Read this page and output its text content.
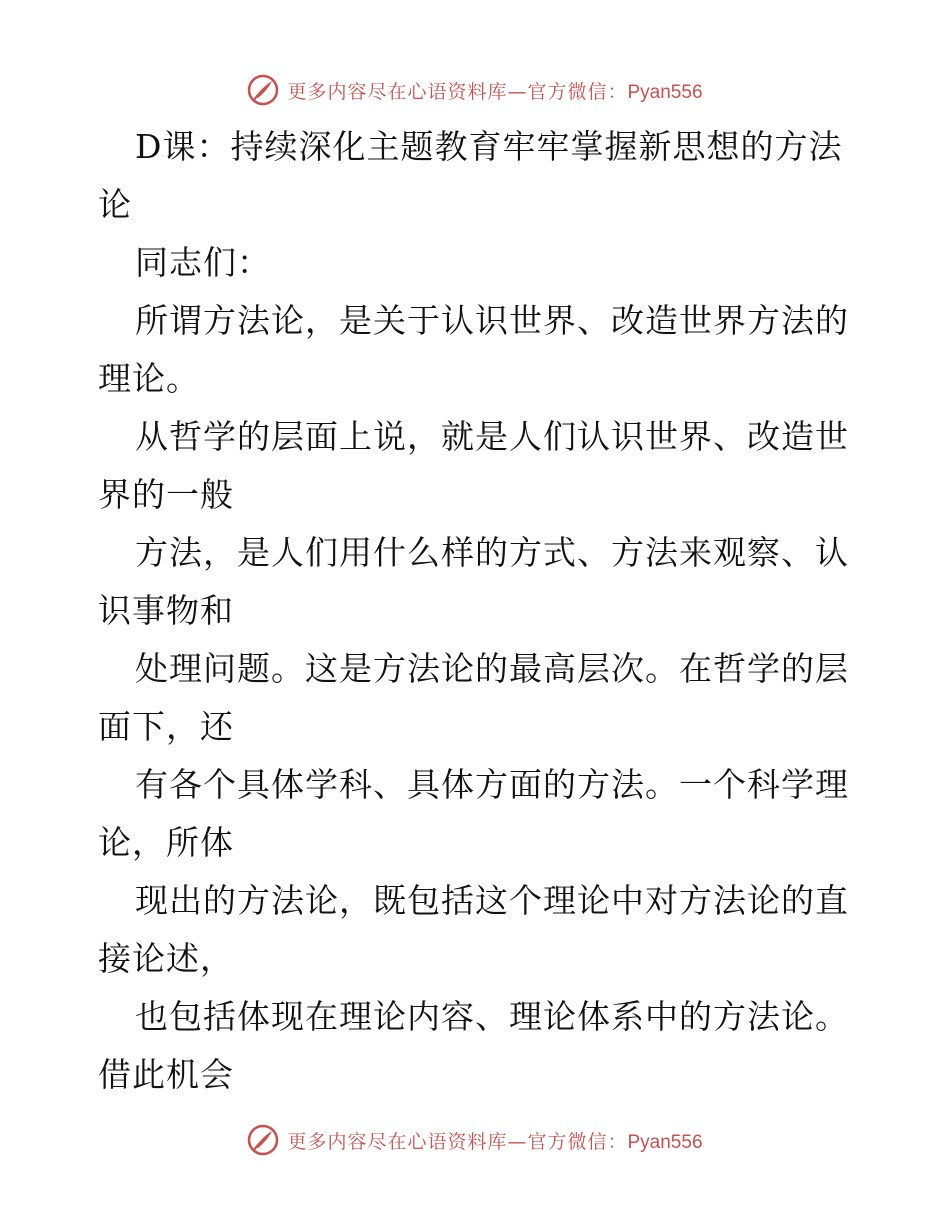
更多内容尽在心语资料库—官方微信：Pyan556
D课：持续深化主题教育牢牢掌握新思想的方法
论
同志们：
所谓方法论，是关于认识世界、改造世界方法的
理论。
从哲学的层面上说，就是人们认识世界、改造世
界的一般
方法，是人们用什么样的方式、方法来观察、认
识事物和
处理问题。这是方法论的最高层次。在哲学的层
面下，还
有各个具体学科、具体方面的方法。一个科学理
论，所体
现出的方法论，既包括这个理论中对方法论的直
接论述，
也包括体现在理论内容、理论体系中的方法论。
借此机会
更多内容尽在心语资料库—官方微信：Pyan556
